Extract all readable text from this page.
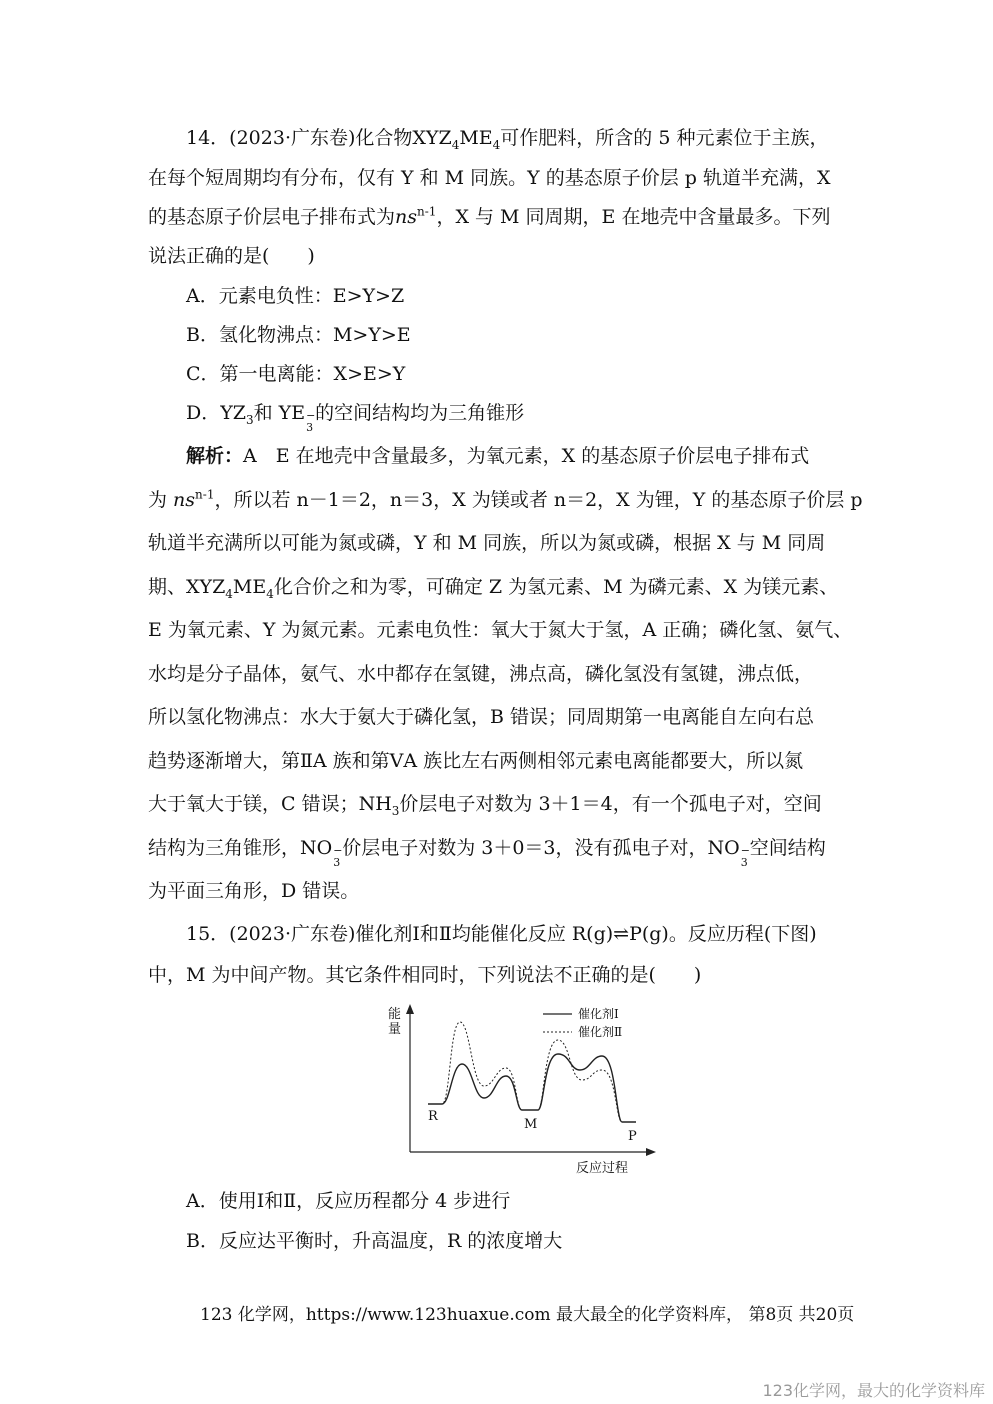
14．(2023·广东卷)化合物$XYZ_4ME_4$可作肥料，所含的 5 种元素位于主族，
在每个短周期均有分布，仅有 Y 和 M 同族。Y 的基态原子价层 p 轨道半充满，X
的基态原子价层电子排布式为$ns^{n-1}$，X 与 M 同周期，E 在地壳中含量最多。下列
说法正确的是(　　)
A．元素电负性：E>Y>Z
B．氢化物沸点：M>Y>E
C．第一电离能：X>E>Y
D．$YZ_3$和 YE −
3
的空间结构均为三角锥形
解析：A　E 在地壳中含量最多，为氧元素，X 的基态原子价层电子排布式
为 $ns^{n-1}$，所以若 n－1＝2，n＝3，X 为镁或者 n＝2，X 为锂，Y 的基态原子价层 p
轨道半充满所以可能为氮或磷，Y 和 M 同族，所以为氮或磷，根据 X 与 M 同周
期、$XYZ_4ME_4$化合价之和为零，可确定 Z 为氢元素、M 为磷元素、X 为镁元素、
E 为氧元素、Y 为氮元素。元素电负性：氧大于氮大于氢，A 正确；磷化氢、氨气、
水均是分子晶体，氨气、水中都存在氢键，沸点高，磷化氢没有氢键，沸点低，
所以氢化物沸点：水大于氨大于磷化氢，B 错误；同周期第一电离能自左向右总
趋势逐渐增大，第ⅡA 族和第ⅤA 族比左右两侧相邻元素电离能都要大，所以氮
大于氧大于镁，C 错误；$NH_3$价层电子对数为 3＋1＝4，有一个孤电子对，空间
结构为三角锥形，NO −
3
价层电子对数为 3＋0＝3，没有孤电子对，NO −
3
空间结构
为平面三角形，D 错误。
15．(2023·广东卷)催化剂Ⅰ和Ⅱ均能催化反应 R(g)⇌P(g)。反应历程(下图)
中，M 为中间产物。其它条件相同时，下列说法不正确的是(　　)
能量
反应过程
催化剂Ⅰ
催化剂Ⅱ
R
M
P
A．使用Ⅰ和Ⅱ，反应历程都分 4 步进行
B．反应达平衡时，升高温度，R 的浓度增大
123 化学网，https://www.123huaxue.com 最大最全的化学资料库， 第8页 共20页
123化学网，最大的化学资料库
